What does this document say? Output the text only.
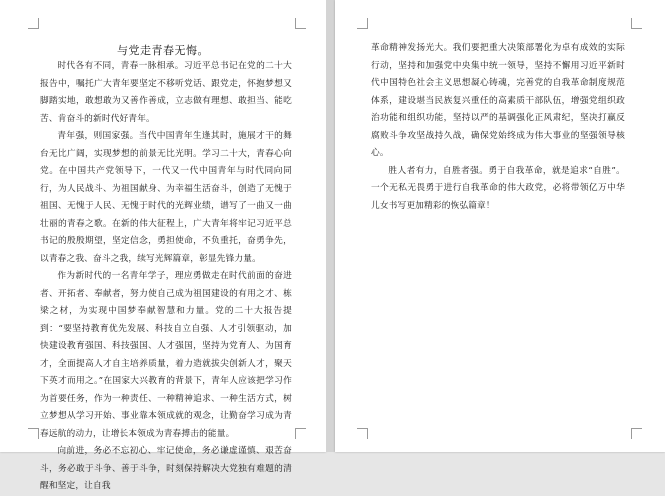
与党走青春无悔。

时代各有不同，青春一脉相承。习近平总书记在党的二十大报告中，嘱托广大青年要坚定不移听党话、跟党走，怀抱梦想又脚踏实地，敢想敢为又善作善成，立志做有理想、敢担当、能吃苦、肯奋斗的新时代好青年。

青年强，则国家强。当代中国青年生逢其时，施展才干的舞台无比广阔，实现梦想的前景无比光明。学习二十大，青春心向党。在中国共产党领导下，一代又一代中国青年与时代同向同行，为人民战斗、为祖国献身、为幸福生活奋斗，创造了无愧于祖国、无愧于人民、无愧于时代的光辉业绩，谱写了一曲又一曲壮丽的青春之歌。在新的伟大征程上，广大青年将牢记习近平总书记的殷殷期望，坚定信念，勇担使命，不负重托，奋勇争先，以青春之我、奋斗之我，续写光辉篇章，彰显先锋力量。

作为新时代的一名青年学子，理应勇做走在时代前面的奋进者、开拓者、奉献者，努力使自己成为祖国建设的有用之才、栋梁之材，为实现中国梦奉献智慧和力量。党的二十大报告提到：“要坚持教育优先发展、科技自立自强、人才引领驱动，加快建设教育强国、科技强国、人才强国，坚持为党育人、为国育才，全面提高人才自主培养质量，着力造就拔尖创新人才，聚天下英才而用之。”在国家大兴教育的背景下，青年人应该把学习作为首要任务，作为一种责任、一种精神追求、一种生活方式，树立梦想从学习开始、事业靠本领成就的观念，让勤奋学习成为青春远航的动力，让增长本领成为青春搏击的能量。

向前进，务必不忘初心、牢记使命，务必谦虚谨慎、艰苦奋斗，务必敢于斗争、善于斗争，时刻保持解决大党独有难题的清醒和坚定，让自我

革命精神发扬光大。我们要把重大决策部署化为卓有成效的实际行动，坚持和加强党中央集中统一领导，坚持不懈用习近平新时代中国特色社会主义思想凝心铸魂，完善党的自我革命制度规范体系，建设堪当民族复兴重任的高素质干部队伍，增强党组织政治功能和组织功能，坚持以严的基调强化正风肃纪，坚决打赢反腐败斗争攻坚战持久战，确保党始终成为伟大事业的坚强领导核心。

胜人者有力，自胜者强。勇于自我革命，就是追求“自胜”。一个无私无畏勇于进行自我革命的伟大政党，必将带领亿万中华儿女书写更加精彩的恢弘篇章！
